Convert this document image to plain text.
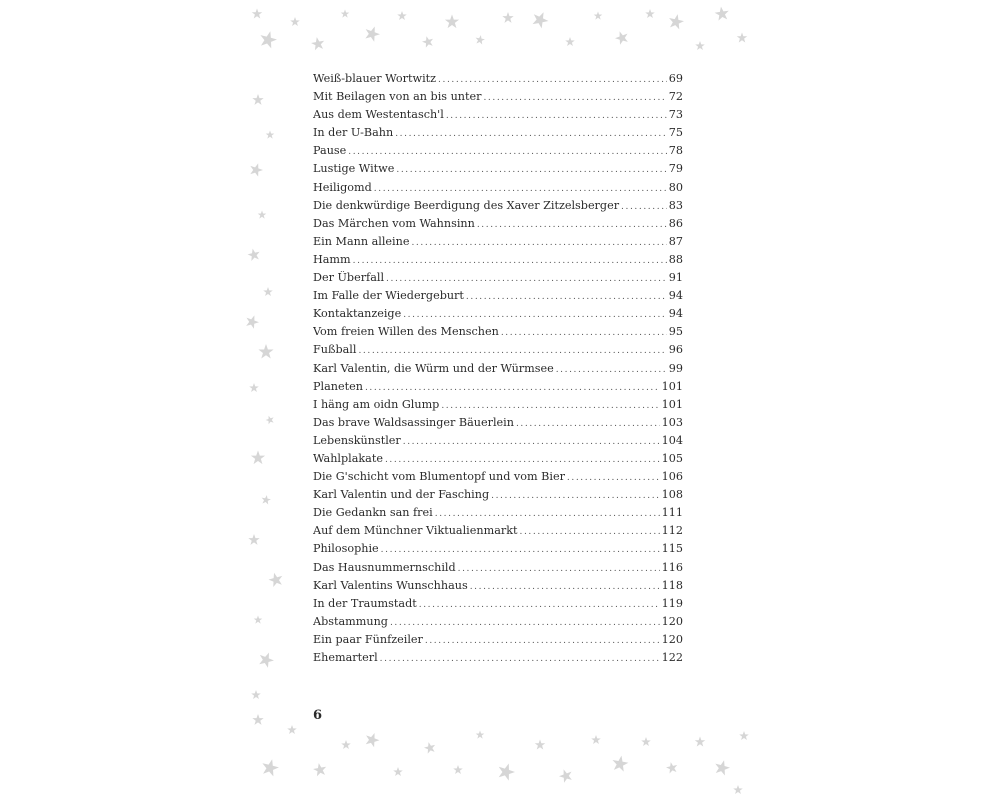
Weiß-blauer Wortwitz .....	69
Mit Beilagen von an bis unter .....	72
Aus dem Westentasch'l .....	73
In der U-Bahn .....	75
Pause .....	78
Lustige Witwe .....	79
Heiligomd .....	80
Die denkwürdige Beerdigung des Xaver Zitzelsberger .....	83
Das Märchen vom Wahnsinn .....	86
Ein Mann alleine .....	87
Hamm .....	88
Der Überfall .....	91
Im Falle der Wiedergeburt .....	94
Kontaktanzeige .....	94
Vom freien Willen des Menschen .....	95
Fußball .....	96
Karl Valentin, die Würm und der Würmsee .....	99
Planeten .....	101
I häng am oidn Glump .....	101
Das brave Waldsassinger Bäuerlein .....	103
Lebenskünstler .....	104
Wahlplakate .....	105
Die G'schicht vom Blumentopf und vom Bier .....	106
Karl Valentin und der Fasching .....	108
Die Gedankn san frei .....	111
Auf dem Münchner Viktualienmarkt .....	112
Philosophie .....	115
Das Hausnummernschild .....	116
Karl Valentins Wunschhaus .....	118
In der Traumstadt .....	119
Abstammung .....	120
Ein paar Fünfzeiler .....	120
Ehemarterl .....	122
6
